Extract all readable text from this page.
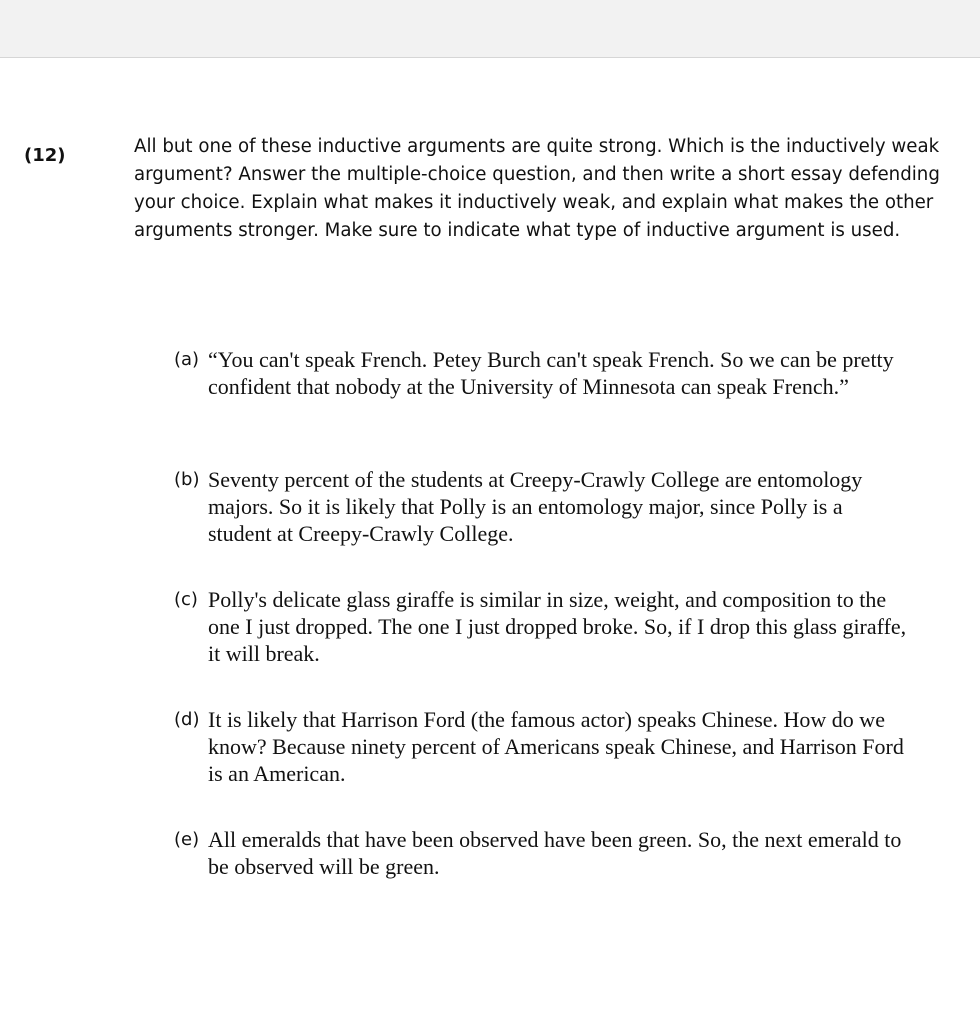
(12)	All but one of these inductive arguments are quite strong. Which is the inductively weak argument? Answer the multiple-choice question, and then write a short essay defending your choice. Explain what makes it inductively weak, and explain what makes the other arguments stronger. Make sure to indicate what type of inductive argument is used.

(a) “You can't speak French. Petey Burch can't speak French. So we can be pretty confident that nobody at the University of Minnesota can speak French.”

(b) Seventy percent of the students at Creepy-Crawly College are entomology majors. So it is likely that Polly is an entomology major, since Polly is a student at Creepy-Crawly College.

(c) Polly's delicate glass giraffe is similar in size, weight, and composition to the one I just dropped. The one I just dropped broke. So, if I drop this glass giraffe, it will break.

(d) It is likely that Harrison Ford (the famous actor) speaks Chinese. How do we know? Because ninety percent of Americans speak Chinese, and Harrison Ford is an American.

(e) All emeralds that have been observed have been green. So, the next emerald to be observed will be green.
